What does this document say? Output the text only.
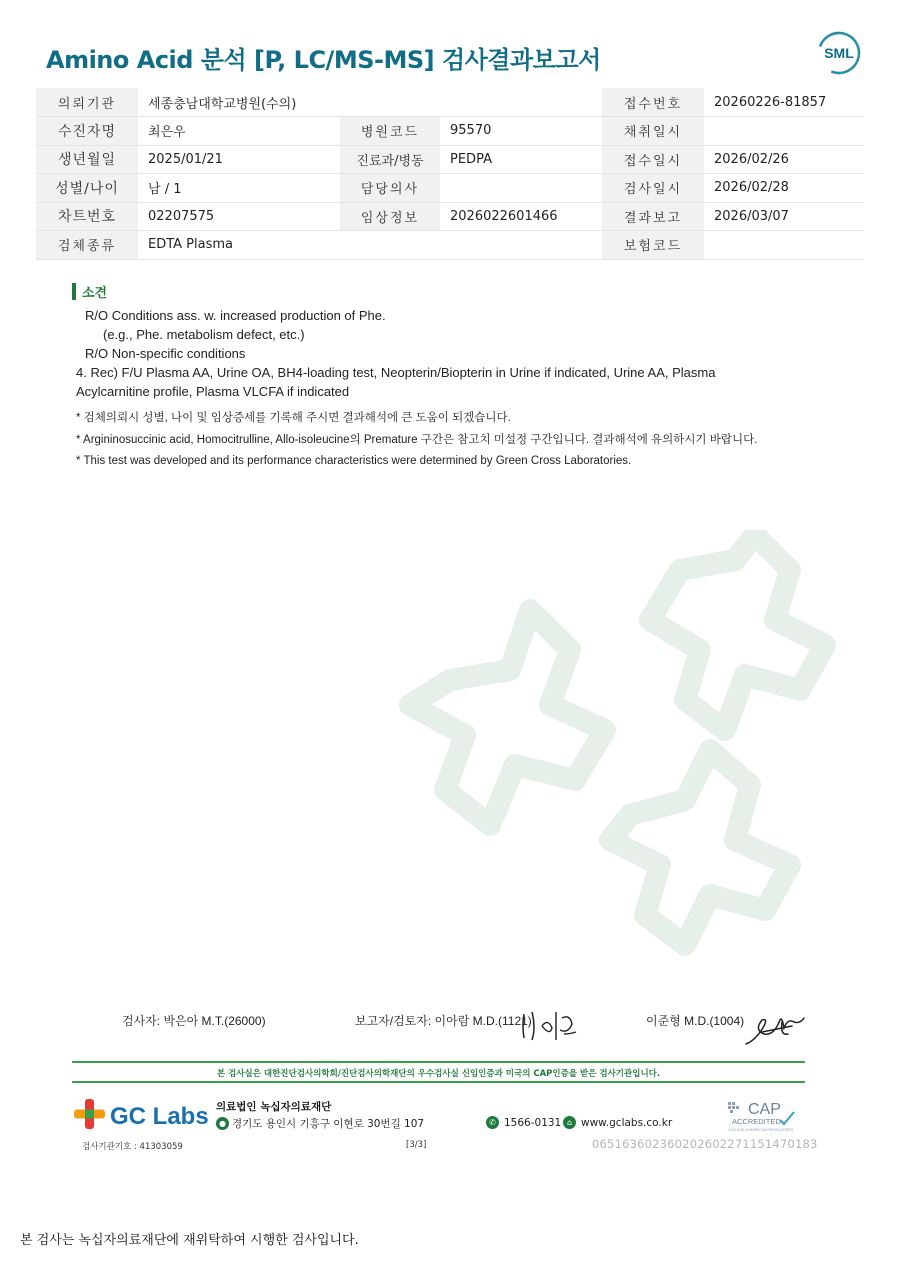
Amino Acid 분석 [P, LC/MS-MS] 검사결과보고서	SML
의뢰기관	세종충남대학교병원(수의)			접수번호	20260226-81857
수진자명	최은우	병원코드	95570	채취일시	
생년월일	2025/01/21	진료과/병동	PEDPA	접수일시	2026/02/26
성별/나이	남 / 1	담당의사		검사일시	2026/02/28
차트번호	02207575	임상정보	2026022601466	결과보고	2026/03/07
검체종류	EDTA Plasma			보험코드	
소견
R/O Conditions ass. w. increased production of Phe.
(e.g., Phe. metabolism defect, etc.)
R/O Non-specific conditions
4. Rec) F/U Plasma AA, Urine OA, BH4-loading test, Neopterin/Biopterin in Urine if indicated, Urine AA, Plasma
Acylcarnitine profile, Plasma VLCFA if indicated
* 검체의뢰시 성별, 나이 및 임상증세를 기록해 주시면 결과해석에 큰 도움이 되겠습니다.
* Argininosuccinic acid, Homocitrulline, Allo-isoleucine의 Premature 구간은 참고치 미설정 구간입니다. 결과해석에 유의하시기 바랍니다.
* This test was developed and its performance characteristics were determined by Green Cross Laboratories.
검사자: 박은아 M.T.(26000)	보고자/검토자: 이아람 M.D.(1121)	이준형 M.D.(1004)
본 검사실은 대한진단검사의학회/진단검사의학재단의 우수검사실 신임인증과 미국의 CAP인증을 받은 검사기관입니다.
GC Labs 의료법인 녹십자의료재단
● 경기도 용인시 기흥구 이현로 30번길 107	✆ 1566-0131 ⌂ www.gclabs.co.kr
CAP
ACCREDITED
COLLEGE of AMERICAN PATHOLOGISTS
검사기관기호 : 41303059	[3/3]	065163602360202602271151470183
본 검사는 녹십자의료재단에 재위탁하여 시행한 검사입니다.
